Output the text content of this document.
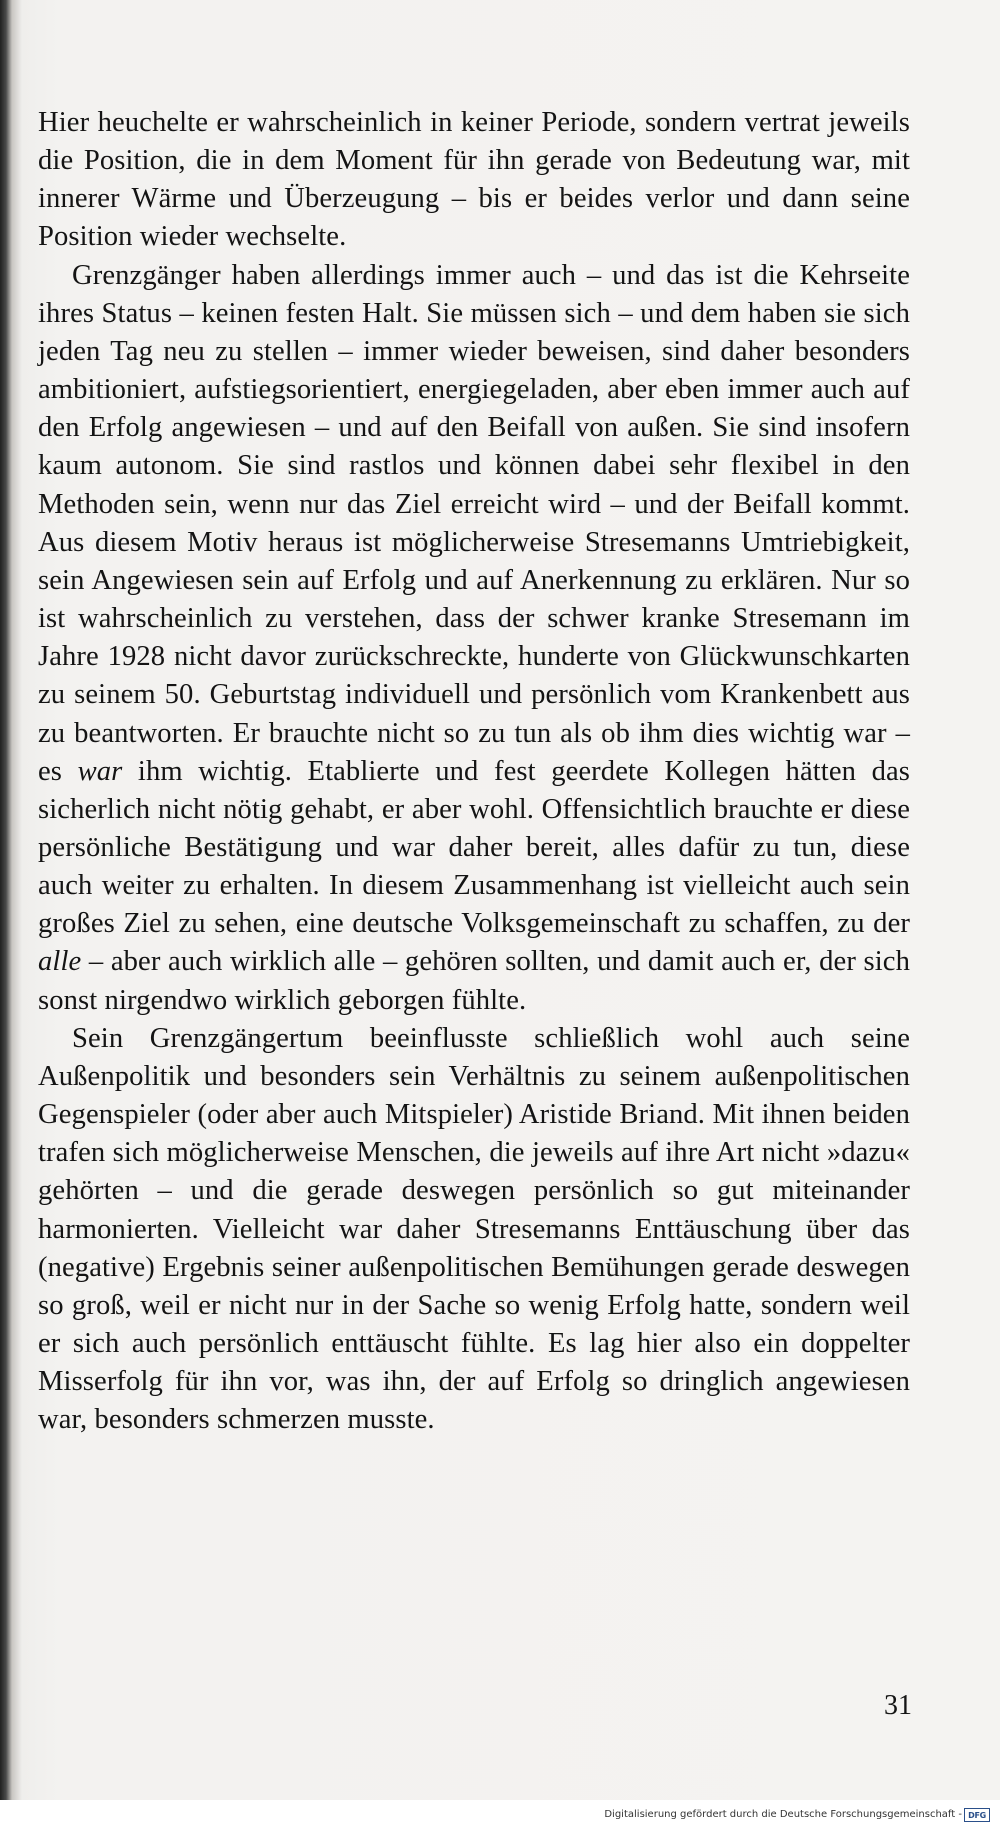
Hier heuchelte er wahrscheinlich in keiner Periode, sondern vertrat jeweils die Position, die in dem Moment für ihn gerade von Bedeutung war, mit innerer Wärme und Überzeugung – bis er beides verlor und dann seine Position wieder wechselte.

Grenzgänger haben allerdings immer auch – und das ist die Kehrseite ihres Status – keinen festen Halt. Sie müssen sich – und dem haben sie sich jeden Tag neu zu stellen – immer wieder beweisen, sind daher besonders ambitioniert, aufstiegsorientiert, energiegeladen, aber eben immer auch auf den Erfolg angewiesen – und auf den Beifall von außen. Sie sind insofern kaum autonom. Sie sind rastlos und können dabei sehr flexibel in den Methoden sein, wenn nur das Ziel erreicht wird – und der Beifall kommt. Aus diesem Motiv heraus ist möglicherweise Stresemanns Umtriebigkeit, sein Angewiesen sein auf Erfolg und auf Anerkennung zu erklären. Nur so ist wahrscheinlich zu verstehen, dass der schwer kranke Stresemann im Jahre 1928 nicht davor zurückschreckte, hunderte von Glückwunschkarten zu seinem 50. Geburtstag individuell und persönlich vom Krankenbett aus zu beantworten. Er brauchte nicht so zu tun als ob ihm dies wichtig war – es war ihm wichtig. Etablierte und fest geerdete Kollegen hätten das sicherlich nicht nötig gehabt, er aber wohl. Offensichtlich brauchte er diese persönliche Bestätigung und war daher bereit, alles dafür zu tun, diese auch weiter zu erhalten. In diesem Zusammenhang ist vielleicht auch sein großes Ziel zu sehen, eine deutsche Volksgemeinschaft zu schaffen, zu der alle – aber auch wirklich alle – gehören sollten, und damit auch er, der sich sonst nirgendwo wirklich geborgen fühlte.

Sein Grenzgängertum beeinflusste schließlich wohl auch seine Außenpolitik und besonders sein Verhältnis zu seinem außenpolitischen Gegenspieler (oder aber auch Mitspieler) Aristide Briand. Mit ihnen beiden trafen sich möglicherweise Menschen, die jeweils auf ihre Art nicht »dazu« gehörten – und die gerade deswegen persönlich so gut miteinander harmonierten. Vielleicht war daher Stresemanns Enttäuschung über das (negative) Ergebnis seiner außenpolitischen Bemühungen gerade deswegen so groß, weil er nicht nur in der Sache so wenig Erfolg hatte, sondern weil er sich auch persönlich enttäuscht fühlte. Es lag hier also ein doppelter Misserfolg für ihn vor, was ihn, der auf Erfolg so dringlich angewiesen war, besonders schmerzen musste.

31
Digitalisierung gefördert durch die Deutsche Forschungsgemeinschaft - DFG
